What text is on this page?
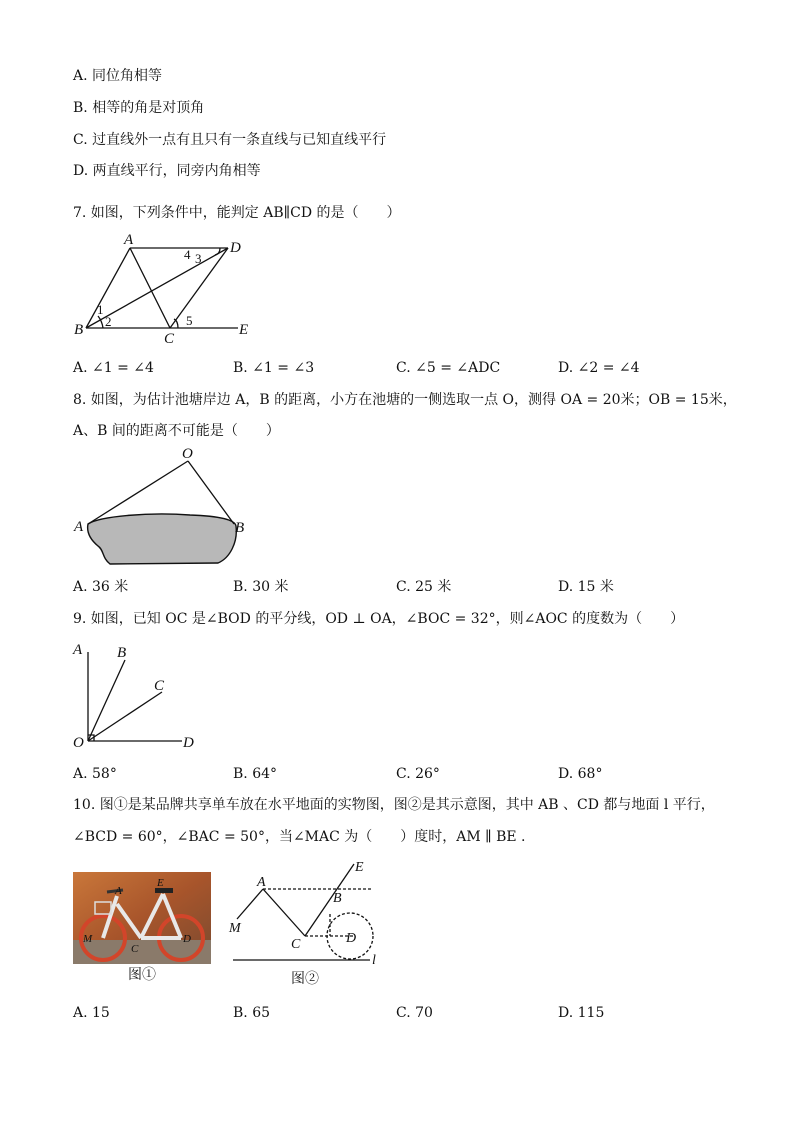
A. 同位角相等
B. 相等的角是对顶角
C. 过直线外一点有且只有一条直线与已知直线平行
D. 两直线平行，同旁内角相等
7. 如图，下列条件中，能判定 AB∥CD 的是（　　）
A
B
C
D
E
1
2
3
4
5
A. ∠1 = ∠4	B. ∠1 = ∠3	C. ∠5 = ∠ADC	D. ∠2 = ∠4
8. 如图，为估计池塘岸边 A，B 的距离，小方在池塘的一侧选取一点 O，测得 OA = 20米；OB = 15米，
A、B 间的距离不可能是（　　）
O
A	B
A. 36 米	B. 30 米	C. 25 米	D. 15 米
9. 如图，已知 OC 是∠BOD 的平分线，OD ⊥ OA，∠BOC = 32°，则∠AOC 的度数为（　　）
A B
C
O	D
A. 58°	B. 64°	C. 26°	D. 68°
10. 图①是某品牌共享单车放在水平地面的实物图，图②是其示意图，其中 AB 、CD 都与地面 l 平行，
∠BCD = 60°，∠BAC = 50°，当∠MAC 为（　　）度时，AM ∥ BE .
A
E
M
C
D
图①
E
A
B
M
C	D
l
图②
A. 15	B. 65	C. 70	D. 115
